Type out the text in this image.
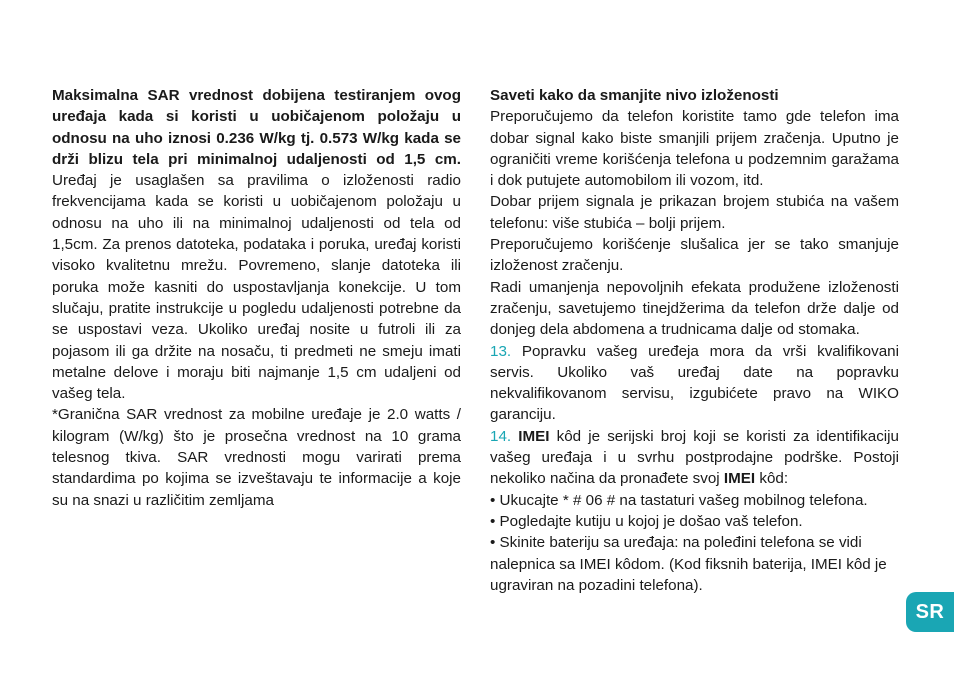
Maksimalna SAR vrednost dobijena testiranjem ovog uređaja kada si koristi u uobičajenom položaju u odnosu na uho iznosi 0.236 W/kg tj. 0.573 W/kg kada se drži blizu tela pri minimalnoj udaljenosti od 1,5 cm. Uređaj je usaglašen sa pravilima o izloženosti radio frekvencijama kada se koristi u uobičajenom položaju u odnosu na uho ili na minimalnoj udaljenosti od tela od 1,5cm. Za prenos datoteka, podataka i poruka, uređaj koristi visoko kvalitetnu mrežu. Povremeno, slanje datoteka ili poruka može kasniti do uspostavljanja konekcije. U tom slučaju, pratite instrukcije u pogledu udaljenosti potrebne da se uspostavi veza. Ukoliko uređaj nosite u futroli ili za pojasom ili ga držite na nosaču, ti predmeti ne smeju imati metalne delove i moraju biti najmanje 1,5 cm udaljeni od vašeg tela.

*Granična SAR vrednost za mobilne uređaje je 2.0 watts / kilogram (W/kg) što je prosečna vrednost na 10 grama telesnog tkiva. SAR vrednosti mogu varirati prema standardima po kojima se izveštavaju te informacije a koje su na snazi u različitim zemljama

Saveti kako da smanjite nivo izloženosti

Preporučujemo da telefon koristite tamo gde telefon ima dobar signal kako biste smanjili prijem zračenja. Uputno je ograničiti vreme korišćenja telefona u podzemnim garažama i dok putujete automobilom ili vozom, itd.

Dobar prijem signala je prikazan brojem stubića na vašem telefonu: više stubića – bolji prijem.

Preporučujemo korišćenje slušalica jer se tako smanjuje izloženost zračenju.

Radi umanjenja nepovoljnih efekata produžene izloženosti zračenju, savetujemo tinejdžerima da telefon drže dalje od donjeg dela abdomena a trudnicama dalje od stomaka.

13. Popravku vašeg uređeja mora da vrši kvalifikovani servis. Ukoliko vaš uređaj date na popravku nekvalifikovanom servisu, izgubićete pravo na WIKO garanciju.

14. IMEI kôd je serijski broj koji se koristi za identifikaciju vašeg uređaja i u svrhu postprodajne podrške. Postoji nekoliko načina da pronađete svoj IMEI kôd:

• Ukucajte * # 06 # na tastaturi vašeg mobilnog telefona.

• Pogledajte kutiju u kojoj je došao vaš telefon.

• Skinite bateriju sa uređaja: na poleđini telefona se vidi nalepnica sa IMEI kôdom. (Kod fiksnih baterija, IMEI kôd je ugraviran na pozadini telefona).

SR
